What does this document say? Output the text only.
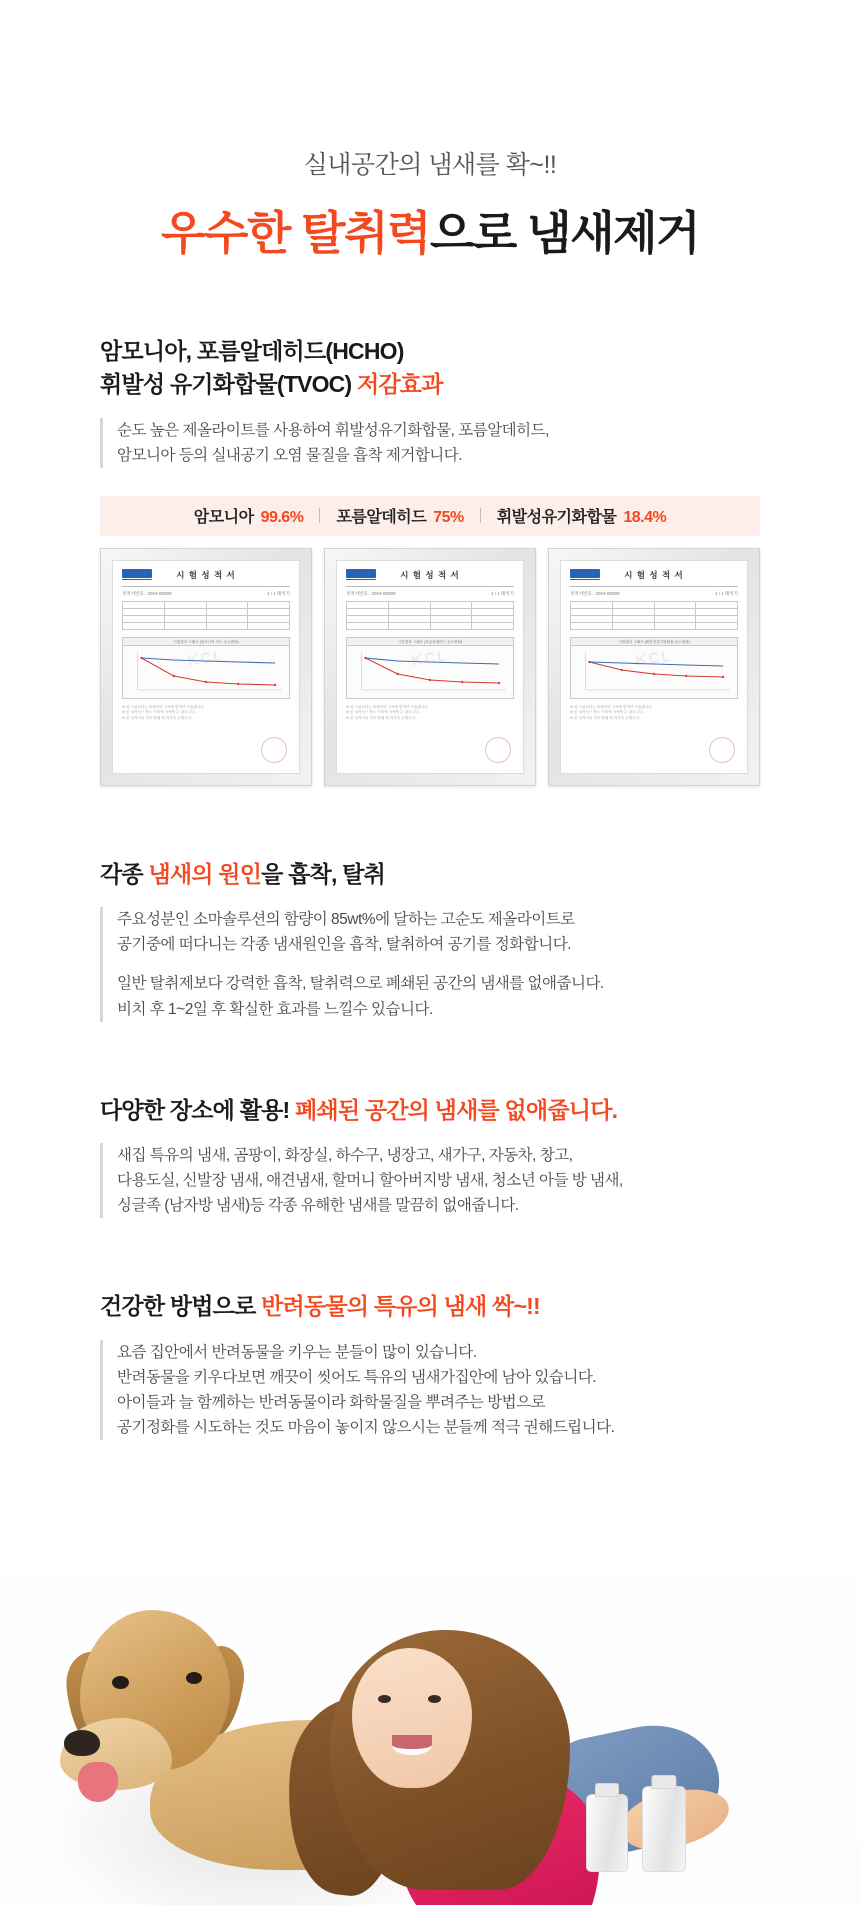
실내공간의 냄새를 확~!!
우수한 탈취력으로 냄새제거
암모니아, 포름알데히드(HCHO)
휘발성 유기화합물(TVOC) 저감효과

순도 높은 제올라이트를 사용하여 휘발성유기화합물, 포름알데히드,

암모니아 등의 실내공기 오염 물질을 흡착 제거합니다.

암모니아 99.6% 포름알데히드 75% 휘발성유기화합물 18.4%
시 험 성 적 서
성적서번호 : 2019-00000	1 / 1 페이지

시험결과 그래프 (암모니아 가스 농도변화)
※ 위 시험결과는 의뢰하신 시료에 한하여 적용됩니다.
※ 본 성적서는 용도 이외에 사용할 수 없습니다.
※ 본 성적서의 일부 발췌 및 복사를 금합니다.
KCL
시 험 성 적 서
성적서번호 : 2019-00000	1 / 1 페이지

시험결과 그래프 (포름알데히드 농도변화)
※ 위 시험결과는 의뢰하신 시료에 한하여 적용됩니다.
※ 본 성적서는 용도 이외에 사용할 수 없습니다.
※ 본 성적서의 일부 발췌 및 복사를 금합니다.
KCL
시 험 성 적 서
성적서번호 : 2019-00000	1 / 1 페이지

시험결과 그래프 (휘발성유기화합물 농도변화)
※ 위 시험결과는 의뢰하신 시료에 한하여 적용됩니다.
※ 본 성적서는 용도 이외에 사용할 수 없습니다.
※ 본 성적서의 일부 발췌 및 복사를 금합니다.
KCL
각종 냄새의 원인을 흡착, 탈취

주요성분인 소마솔루션의 함량이 85wt%에 달하는 고순도 제올라이트로

공기중에 떠다니는 각종 냄새원인을 흡착, 탈취하여 공기를 정화합니다.

일반 탈취제보다 강력한 흡착, 탈취력으로 폐쇄된 공간의 냄새를 없애줍니다.

비치 후 1~2일 후 확실한 효과를 느낄수 있습니다.

다양한 장소에 활용! 폐쇄된 공간의 냄새를 없애줍니다.

새집 특유의 냄새, 곰팡이, 화장실, 하수구, 냉장고, 새가구, 자동차, 창고,

다용도실, 신발장 냄새, 애견냄새, 할머니 할아버지방 냄새, 청소년 아들 방 냄새,

싱글족 (남자방 냄새)등 각종 유해한 냄새를 말끔히 없애줍니다.

건강한 방법으로 반려동물의 특유의 냄새 싹~!!

요즘 집안에서 반려동물을 키우는 분들이 많이 있습니다.

반려동물을 키우다보면 깨끗이 씻어도 특유의 냄새가집안에 남아 있습니다.

아이들과 늘 함께하는 반려동물이라 화학물질을 뿌려주는 방법으로

공기정화를 시도하는 것도 마음이 놓이지 않으시는 분들께 적극 권해드립니다.
